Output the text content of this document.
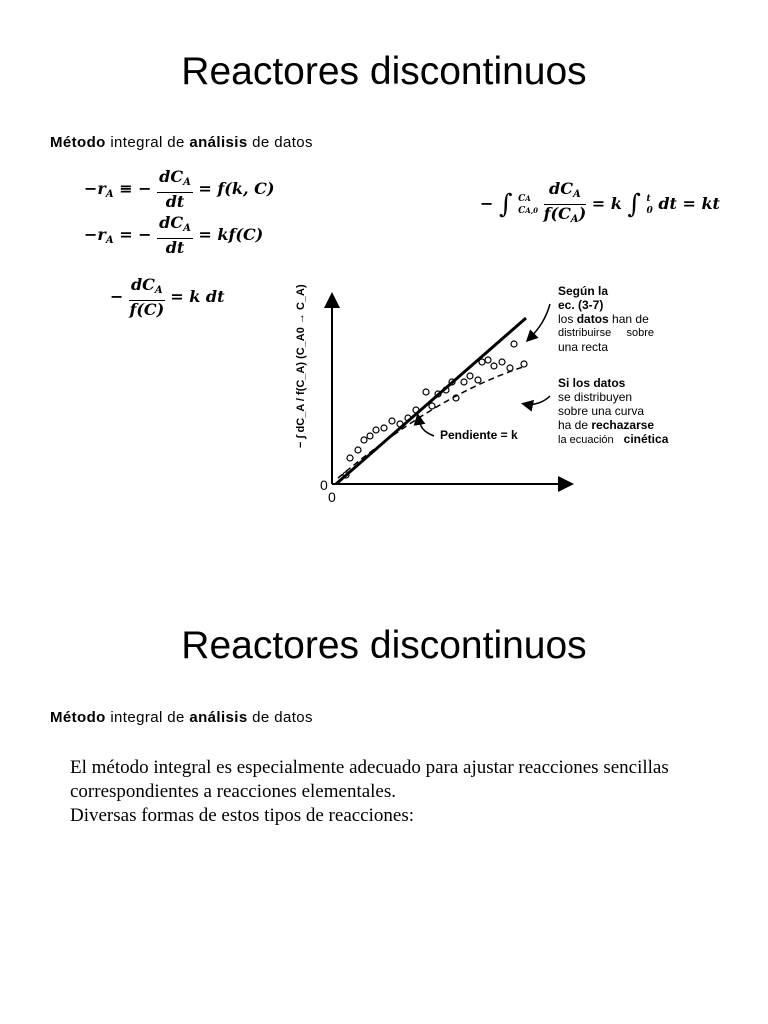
Reactores discontinuos
Método integral de análisis de datos
$-r_A$ ≡ − $\frac{dC_A}{dt} = f(k$, C)
$-r_A$ = − $\frac{dC_A}{dt} = kf(C)$
− $\frac{dC_A}{f(C)} = k$ dt
− ∫ CA
CA,0
$\frac{dC_A}{f(C_A)} = k$ ∫ t
0 dt = kt
− ∫ dC_A / f(C_A) (C_A0 → C_A)
0
0
Pendiente = k
Según la
ec. (3-7)
los datos han de
distribuirse sobre
una recta
Si los datos
se distribuyen
sobre una curva
ha de rechazarse
la ecuación cinética
Reactores discontinuos
Método integral de análisis de datos

El método integral es especialmente adecuado para ajustar reacciones sencillas correspondientes a reacciones elementales.

Diversas formas de estos tipos de reacciones:
